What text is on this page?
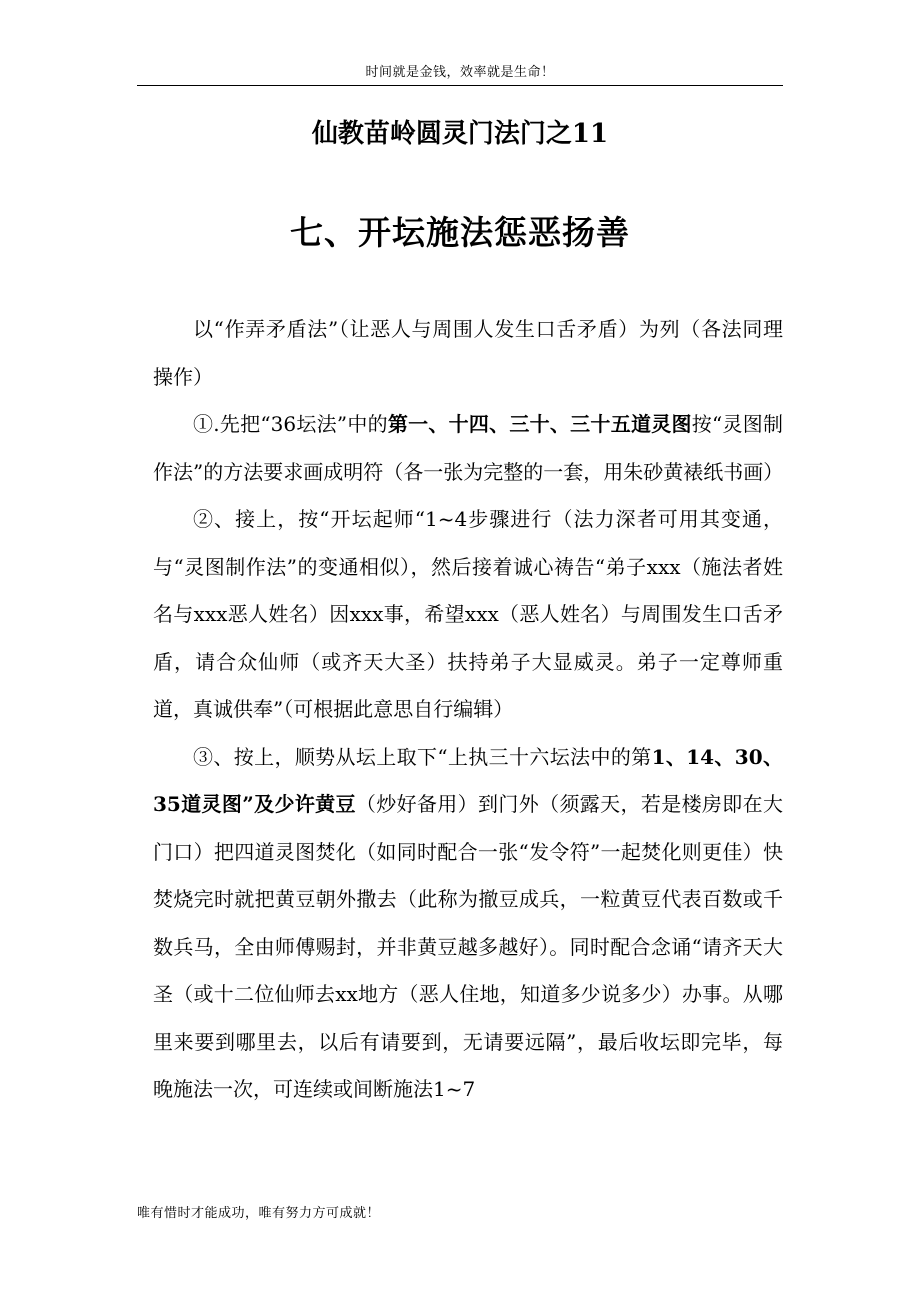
时间就是金钱，效率就是生命！
仙教苗岭圆灵门法门之11
七、开坛施法惩恶扬善

以“作弄矛盾法”（让恶人与周围人发生口舌矛盾）为列（各法同理操作）

①.先把“36坛法”中的第一、十四、三十、三十五道灵图按“灵图制作法”的方法要求画成明符（各一张为完整的一套，用朱砂黄裱纸书画）

②、接上，按“开坛起师“1~4步骤进行（法力深者可用其变通，与“灵图制作法”的变通相似），然后接着诚心祷告“弟子xxx（施法者姓名与xxx恶人姓名）因xxx事，希望xxx（恶人姓名）与周围发生口舌矛盾，请合众仙师（或齐天大圣）扶持弟子大显威灵。弟子一定尊师重道，真诚供奉”（可根据此意思自行编辑）

③、按上，顺势从坛上取下“上执三十六坛法中的第1、14、30、35道灵图”及少许黄豆（炒好备用）到门外（须露天，若是楼房即在大门口）把四道灵图焚化（如同时配合一张“发令符”一起焚化则更佳）快焚烧完时就把黄豆朝外撒去（此称为撤豆成兵，一粒黄豆代表百数或千数兵马，全由师傅赐封，并非黄豆越多越好）。同时配合念诵“请齐天大圣（或十二位仙师去xx地方（恶人住地，知道多少说多少）办事。从哪里来要到哪里去，以后有请要到，无请要远隔”，最后收坛即完毕，每晚施法一次，可连续或间断施法1~7

唯有惜时才能成功，唯有努力方可成就！
